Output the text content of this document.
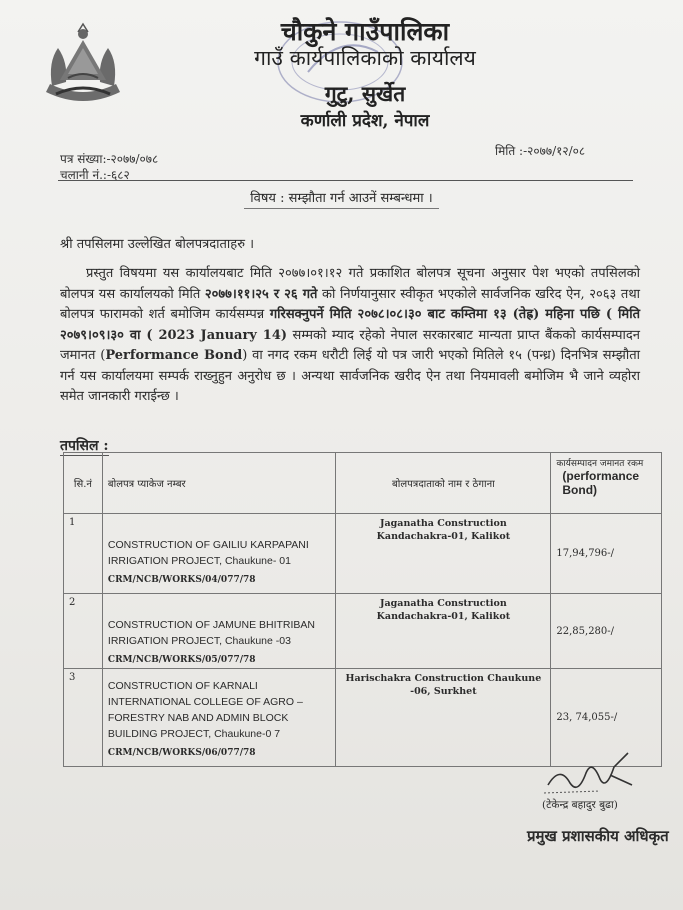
चौकुने गाउँपालिका
गाउँ कार्यपालिकाको कार्यालय
गुटु, सुर्खेत
कर्णाली प्रदेश, नेपाल
पत्र संख्या:-२०७७/०७८
चलानी नं.:-६८२
मिति :-२०७७/१२/०८
विषय : सम्झौता गर्न आउनें सम्बन्धमा ।
श्री तपसिलमा उल्लेखित बोलपत्रदाताहरु ।
प्रस्तुत विषयमा यस कार्यालयबाट मिति २०७७।०१।१२ गते प्रकाशित बोलपत्र सूचना अनुसार पेश भएको तपसिलको बोलपत्र यस कार्यालयको मिति २०७७।११।२५ र २६ गते को निर्णयानुसार स्वीकृत भएकोले सार्वजनिक खरिद ऐन, २०६३ तथा बोलपत्र फारामको शर्त बमोजिम कार्यसम्पन्न गरिसक्नुपर्ने मिति २०७८।०८।३० बाट कम्तिमा १३ (तेह्र) महिना पछि ( मिति २०७९।०९।३० वा ( 2023 January 14) सम्मको म्याद रहेको नेपाल सरकारबाट मान्यता प्राप्त बैंकको कार्यसम्पादन जमानत (Performance Bond) वा नगद रकम धरौटी लिई यो पत्र जारी भएको मितिले १५ (पन्ध्र) दिनभित्र सम्झौता गर्न यस कार्यालयमा सम्पर्क राख्नुहुन अनुरोध छ । अन्यथा सार्वजनिक खरीद ऐन तथा नियमावली बमोजिम भै जाने व्यहोरा समेत जानकारी गराईन्छ ।
तपसिल :
सि.नं	बोलपत्र प्याकेज नम्बर	बोलपत्रदाताको नाम र ठेगाना	कार्यसम्पादन जमानत रकम
(performance Bond)

1	CONSTRUCTION OF GAILIU KARPAPANI IRRIGATION PROJECT, Chaukune- 01
CRM/NCB/WORKS/04/077/78	Jaganatha Construction Kandachakra-01, Kalikot	17,94,796-/
2	CONSTRUCTION OF JAMUNE BHITRIBAN IRRIGATION PROJECT, Chaukune -03
CRM/NCB/WORKS/05/077/78	Jaganatha Construction Kandachakra-01, Kalikot	22,85,280-/
3	CONSTRUCTION OF KARNALI INTERNATIONAL COLLEGE OF AGRO – FORESTRY NAB AND ADMIN BLOCK BUILDING PROJECT, Chaukune-0 7
CRM/NCB/WORKS/06/077/78	Harischakra Construction Chaukune -06, Surkhet	23, 74,055-/
(टेकेन्द्र बहादुर बुढा)
प्रमुख प्रशासकीय अधिकृत
